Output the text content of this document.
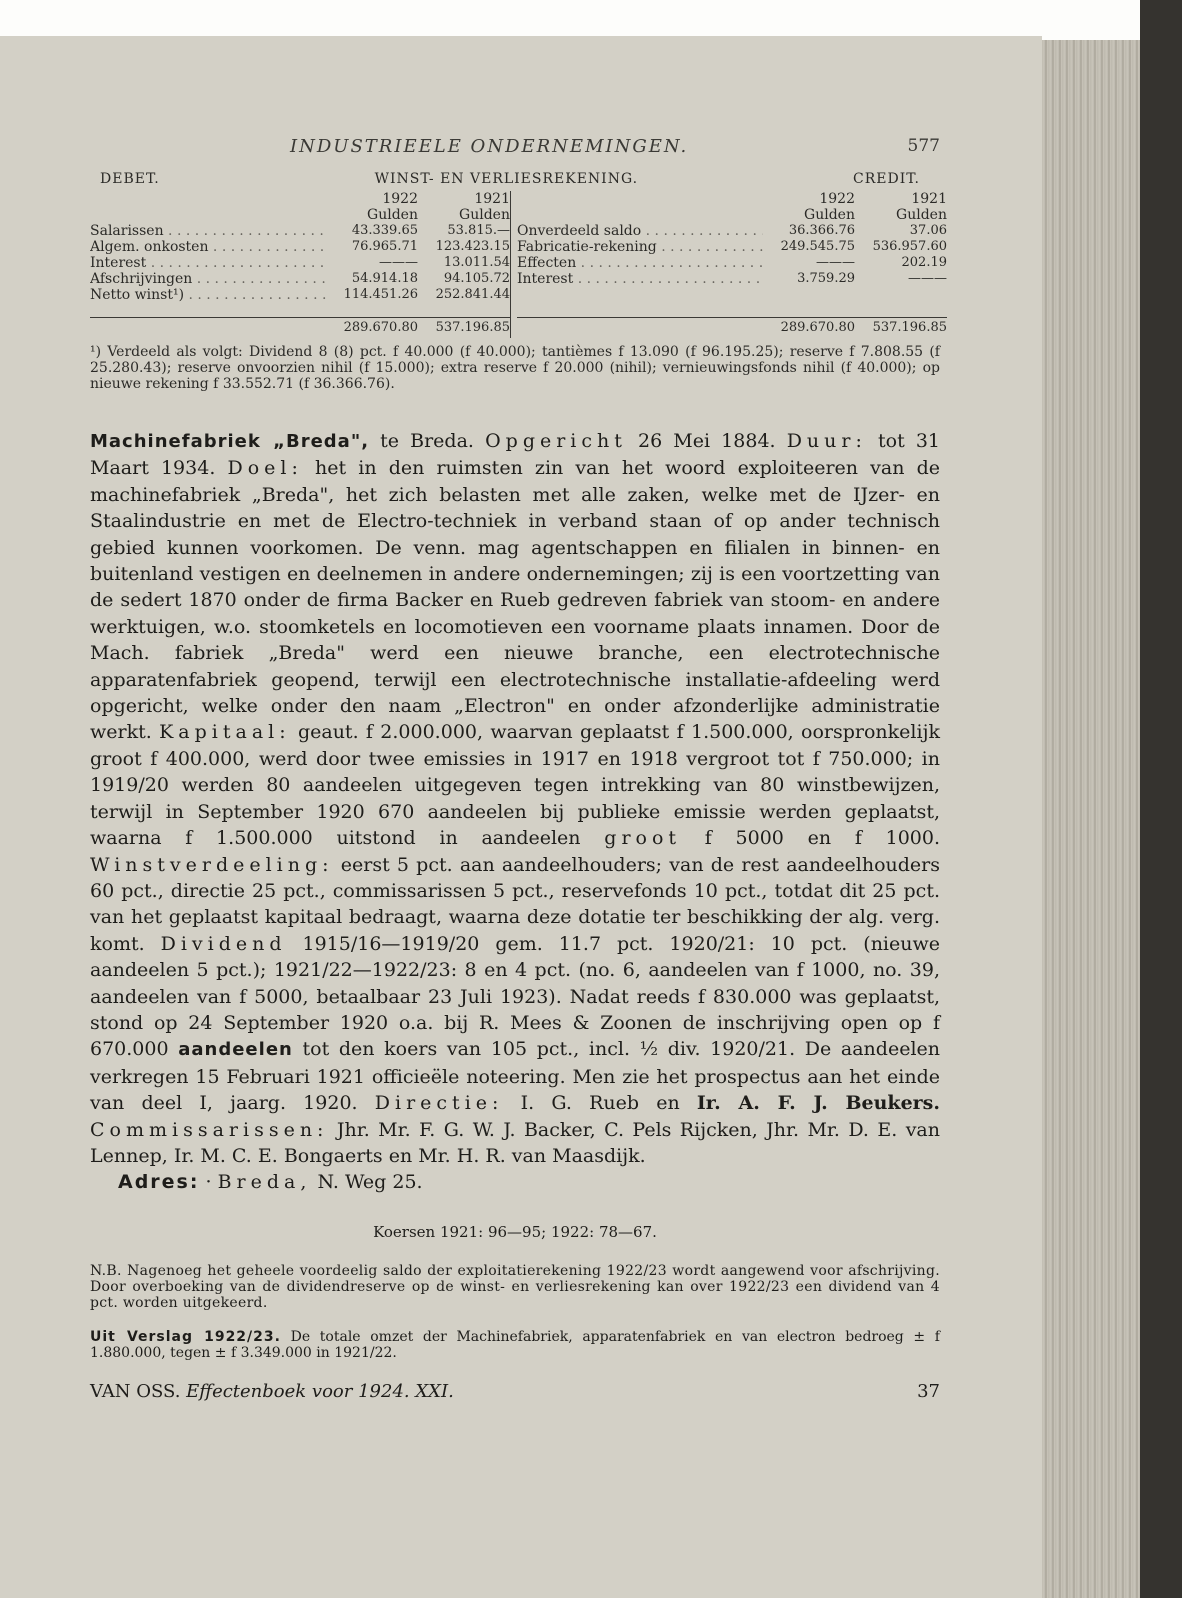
INDUSTRIEELE ONDERNEMINGEN.	577
DEBET.	WINST- EN VERLIESREKENING.	CREDIT.
1922	1921
Gulden	Gulden
Salarissen . . .	43.339.65	53.815.—
Algem. onkosten . . .	76.965.71	123.423.15
Interest . . .	———	13.011.54
Afschrijvingen . . .	54.914.18	94.105.72
Netto winst¹) . . .	114.451.26	252.841.44
289.670.80	537.196.85
1922	1921
Gulden	Gulden
Onverdeeld saldo . . .	36.366.76	37.06
Fabricatie-rekening . . .	249.545.75	536.957.60
Effecten . . .	———	202.19
Interest . . .	3.759.29	———
289.670.80	537.196.85
¹) Verdeeld als volgt: Dividend 8 (8) pct. f 40.000 (f 40.000); tantièmes f 13.090 (f 96.195.25); reserve f 7.808.55 (f 25.280.43); reserve onvoorzien nihil (f 15.000); extra reserve f 20.000 (nihil); vernieuwingsfonds nihil (f 40.000); op nieuwe rekening f 33.552.71 (f 36.366.76).
Machinefabriek „Breda", te Breda. Opgericht 26 Mei 1884. Duur: tot 31 Maart 1934. Doel: het in den ruimsten zin van het woord exploiteeren van de machinefabriek „Breda", het zich belasten met alle zaken, welke met de IJzer- en Staalindustrie en met de Electro-techniek in verband staan of op ander technisch gebied kunnen voorkomen. De venn. mag agentschappen en filialen in binnen- en buitenland vestigen en deelnemen in andere ondernemingen; zij is een voortzetting van de sedert 1870 onder de firma Backer en Rueb gedreven fabriek van stoom- en andere werktuigen, w.o. stoomketels en locomotieven een voorname plaats innamen. Door de Mach. fabriek „Breda" werd een nieuwe branche, een electrotechnische apparatenfabriek geopend, terwijl een electrotechnische installatie-afdeeling werd opgericht, welke onder den naam „Electron" en onder afzonderlijke administratie werkt. Kapitaal: geaut. f 2.000.000, waarvan geplaatst f 1.500.000, oorspronkelijk groot f 400.000, werd door twee emissies in 1917 en 1918 vergroot tot f 750.000; in 1919/20 werden 80 aandeelen uitgegeven tegen intrekking van 80 winstbewijzen, terwijl in September 1920 670 aandeelen bij publieke emissie werden geplaatst, waarna f 1.500.000 uitstond in aandeelen groot f 5000 en f 1000. Winstverdeeling: eerst 5 pct. aan aandeelhouders; van de rest aandeelhouders 60 pct., directie 25 pct., commissarissen 5 pct., reservefonds 10 pct., totdat dit 25 pct. van het geplaatst kapitaal bedraagt, waarna deze dotatie ter beschikking der alg. verg. komt. Dividend 1915/16—1919/20 gem. 11.7 pct. 1920/21: 10 pct. (nieuwe aandeelen 5 pct.); 1921/22—1922/23: 8 en 4 pct. (no. 6, aandeelen van f 1000, no. 39, aandeelen van f 5000, betaalbaar 23 Juli 1923). Nadat reeds f 830.000 was geplaatst, stond op 24 September 1920 o.a. bij R. Mees & Zoonen de inschrijving open op f 670.000 aandeelen tot den koers van 105 pct., incl. ½ div. 1920/21. De aandeelen verkregen 15 Februari 1921 officieële noteering. Men zie het prospectus aan het einde van deel I, jaarg. 1920. Directie: I. G. Rueb en Ir. A. F. J. Beukers. Commissarissen: Jhr. Mr. F. G. W. J. Backer, C. Pels Rijcken, Jhr. Mr. D. E. van Lennep, Ir. M. C. E. Bongaerts en Mr. H. R. van Maasdijk.
Adres: · Breda, N. Weg 25.
Koersen 1921: 96—95; 1922: 78—67.
N.B. Nagenoeg het geheele voordeelig saldo der exploitatierekening 1922/23 wordt aangewend voor afschrijving. Door overboeking van de dividendreserve op de winst- en verliesrekening kan over 1922/23 een dividend van 4 pct. worden uitgekeerd.
Uit Verslag 1922/23. De totale omzet der Machinefabriek, apparatenfabriek en van electron bedroeg ± f 1.880.000, tegen ± f 3.349.000 in 1921/22.
VAN OSS. Effectenboek voor 1924. XXI.	37
